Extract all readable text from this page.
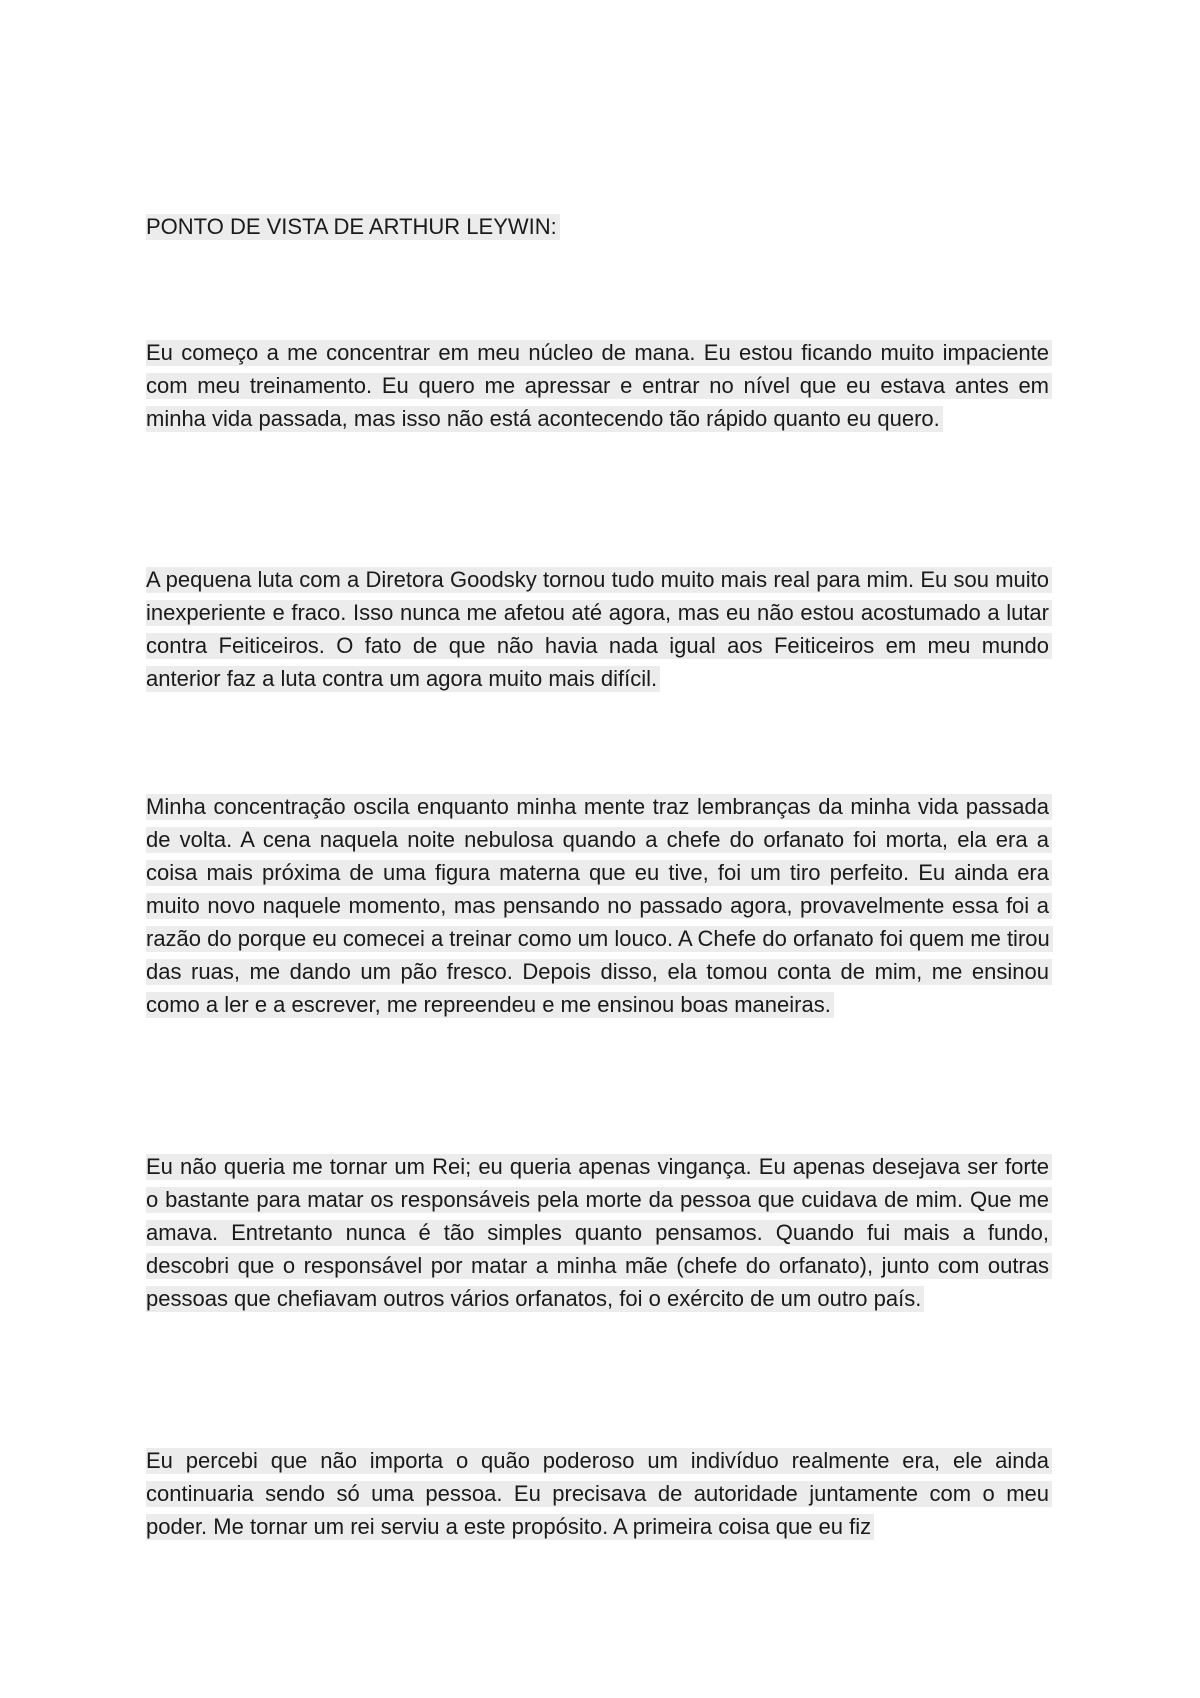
PONTO DE VISTA DE ARTHUR LEYWIN:

Eu começo a me concentrar em meu núcleo de mana. Eu estou ficando muito impaciente com meu treinamento. Eu quero me apressar e entrar no nível que eu estava antes em minha vida passada, mas isso não está acontecendo tão rápido quanto eu quero.

A pequena luta com a Diretora Goodsky tornou tudo muito mais real para mim. Eu sou muito inexperiente e fraco. Isso nunca me afetou até agora, mas eu não estou acostumado a lutar contra Feiticeiros. O fato de que não havia nada igual aos Feiticeiros em meu mundo anterior faz a luta contra um agora muito mais difícil.

Minha concentração oscila enquanto minha mente traz lembranças da minha vida passada de volta. A cena naquela noite nebulosa quando a chefe do orfanato foi morta, ela era a coisa mais próxima de uma figura materna que eu tive, foi um tiro perfeito. Eu ainda era muito novo naquele momento, mas pensando no passado agora, provavelmente essa foi a razão do porque eu comecei a treinar como um louco. A Chefe do orfanato foi quem me tirou das ruas, me dando um pão fresco. Depois disso, ela tomou conta de mim, me ensinou como a ler e a escrever, me repreendeu e me ensinou boas maneiras.

Eu não queria me tornar um Rei; eu queria apenas vingança. Eu apenas desejava ser forte o bastante para matar os responsáveis pela morte da pessoa que cuidava de mim. Que me amava. Entretanto nunca é tão simples quanto pensamos. Quando fui mais a fundo, descobri que o responsável por matar a minha mãe (chefe do orfanato), junto com outras pessoas que chefiavam outros vários orfanatos, foi o exército de um outro país.

Eu percebi que não importa o quão poderoso um indivíduo realmente era, ele ainda continuaria sendo só uma pessoa. Eu precisava de autoridade juntamente com o meu poder. Me tornar um rei serviu a este propósito. A primeira coisa que eu fiz
